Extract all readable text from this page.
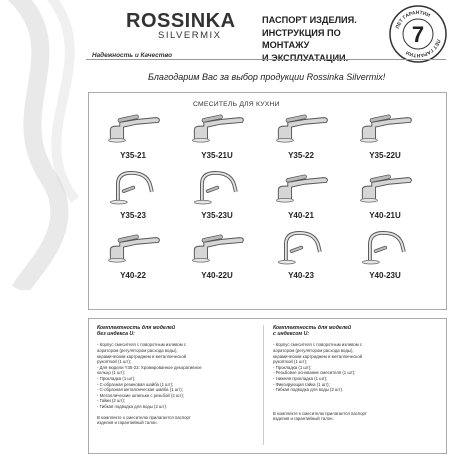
ROSSINKA
SILVERMIX
ПАСПОРТ ИЗДЕЛИЯ.
ИНСТРУКЦИЯ ПО МОНТАЖУ
И ЭКСПЛУАТАЦИИ.
ЛЕТ ГАРАНТИИ
ЛЕТ ГАРАНТИИ
7
Надежность и Качество
Благодарим Вас за выбор продукции Rossinka Silvermix!
СМЕСИТЕЛЬ ДЛЯ КУХНИ
Y35-21	Y35-21U	Y35-22	Y35-22U
Y35-23	Y35-23U	Y40-21	Y40-21U
Y40-22	Y40-22U	Y40-23	Y40-23U
Комплектность для моделей
без индекса U:
- Корпус смесителя с поворотным изливом с
аэратором (регулятором расхода воды),
керамическим картриджем и металлической
рукояткой (1 шт);
- Для модели Y35-23: Хромированное декоративное
кольцо (1 шт);
- Прокладка (1 шт);
- С-образная резиновая шайба (1 шт);
- С-образная металлическая шайба (1 шт);
- Металлические шпильки с резьбой (2 шт);
- Гайки (2 шт);
- Гибкая подводка для воды (2 шт).
В комплекте к смесителю прилагается паспорт
изделия и гарантийный талон.
Комплектность для моделей
с индексом U:
- Корпус смесителя с поворотным изливом с
аэратором (регулятором расхода воды),
керамическим картриджем и металлической
рукояткой (1 шт);
- Прокладка (1 шт);
- Резьбовое основание смесителя (1 шт);
- Нижняя прокладка (1 шт);
- Фиксирующая гайка (1 шт);
- Гибкая подводка для воды (2 шт).
В комплекте к смесителю прилагается паспорт
изделия и гарантийный талон.
